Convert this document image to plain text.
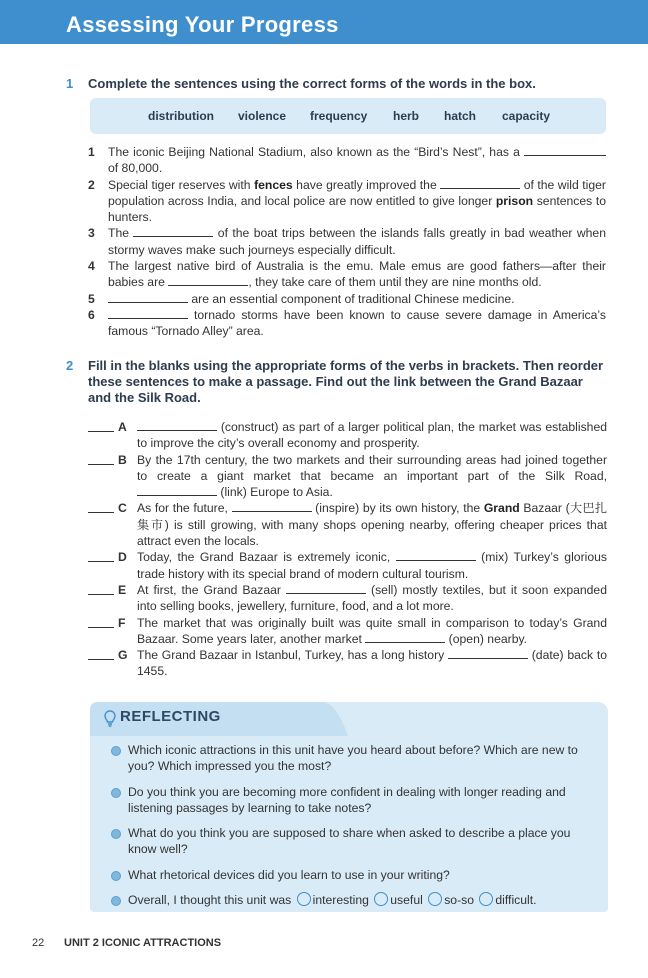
Assessing Your Progress
1 Complete the sentences using the correct forms of the words in the box.
distribution violence frequency herb hatch capacity
1	The iconic Beijing National Stadium, also known as the “Bird’s Nest”, has a  of 80,000.
2	Special tiger reserves with fences have greatly improved the	of the wild tiger population across India, and local police are now entitled to give longer prison sentences to hunters.
3	The	of the boat trips between the islands falls greatly in bad weather when stormy waves make such journeys especially difficult.
4	The largest native bird of Australia is the emu. Male emus are good fathers—after their babies are	, they take care of them until they are nine months old.
5	are an essential component of traditional Chinese medicine.
6	tornado storms have been known to cause severe damage in America’s famous “Tornado Alley” area.
2 Fill in the blanks using the appropriate forms of the verbs in brackets. Then reorder these sentences to make a passage. Find out the link between the Grand Bazaar and the Silk Road.
A	(construct) as part of a larger political plan, the market was established to improve the city’s overall economy and prosperity.
B By the 17th century, the two markets and their surrounding areas had joined together to create a giant market that became an important part of the Silk Road,  (link) Europe to Asia.
C As for the future,	(inspire) by its own history, the Grand Bazaar (大巴扎集市) is still growing, with many shops opening nearby, offering cheaper prices that attract even the locals.
D Today, the Grand Bazaar is extremely iconic,	(mix) Turkey’s glorious trade history with its special brand of modern cultural tourism.
E At first, the Grand Bazaar	(sell) mostly textiles, but it soon expanded into selling books, jewellery, furniture, food, and a lot more.
F The market that was originally built was quite small in comparison to today’s Grand Bazaar. Some years later, another market	(open) nearby.
G The Grand Bazaar in Istanbul, Turkey, has a long history	(date) back to 1455.
REFLECTING
Which iconic attractions in this unit have you heard about before? Which are new to you? Which impressed you the most?
Do you think you are becoming more confident in dealing with longer reading and listening passages by learning to take notes?
What do you think you are supposed to share when asked to describe a place you know well?
What rhetorical devices did you learn to use in your writing?
Overall, I thought this unit was interesting useful so-so difficult.
22 UNIT 2 ICONIC ATTRACTIONS
